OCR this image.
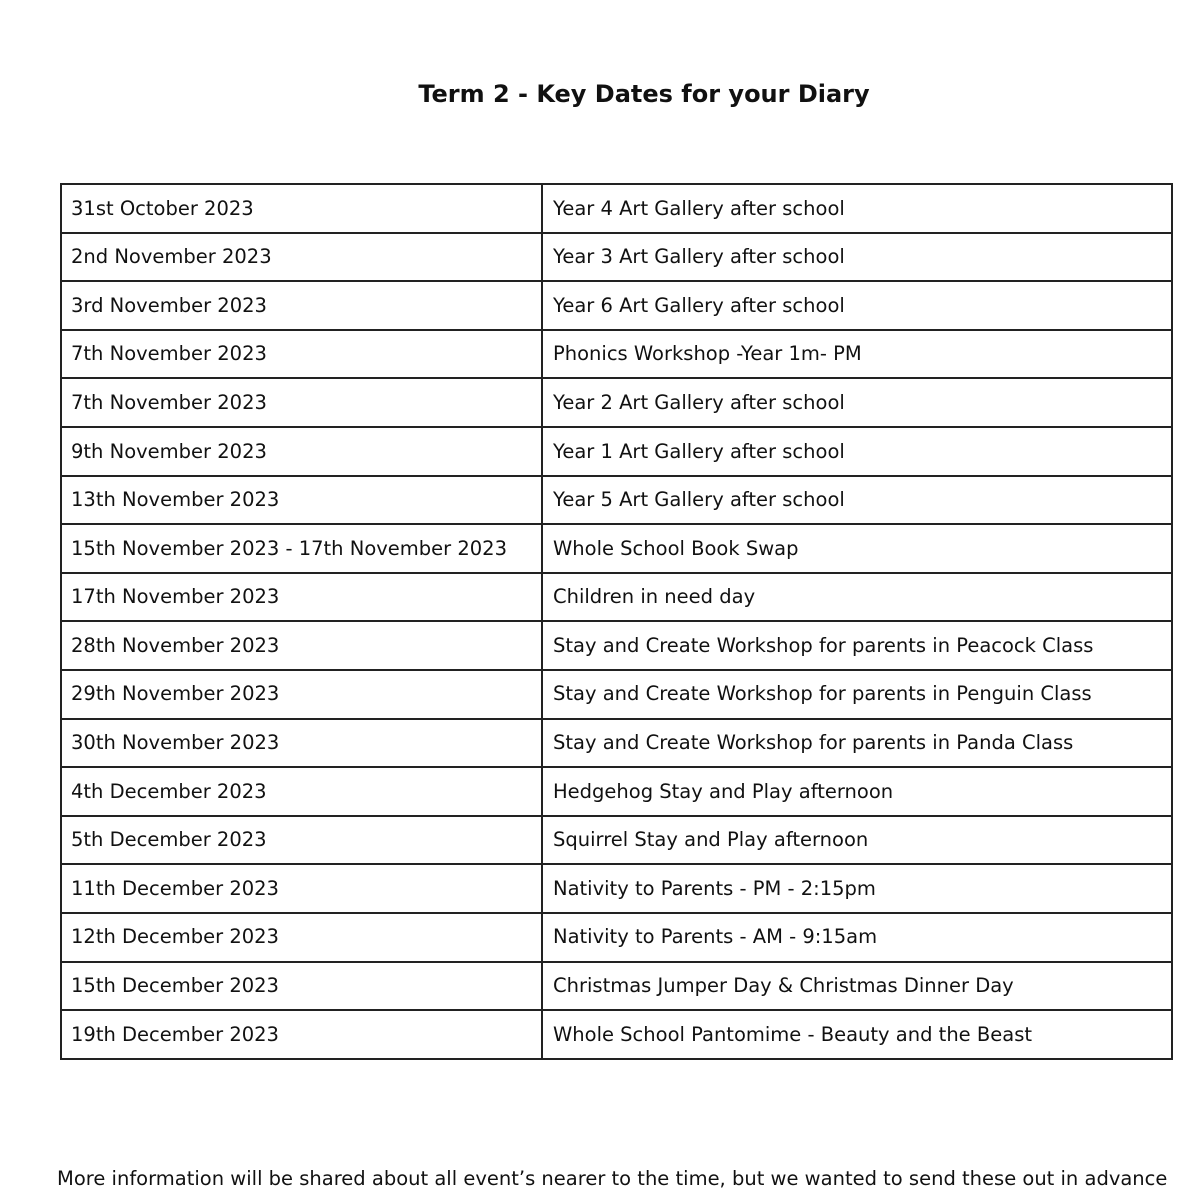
Term 2 - Key Dates for your Diary
31st October 2023	Year 4 Art Gallery after school
2nd November 2023	Year 3 Art Gallery after school
3rd November 2023	Year 6 Art Gallery after school
7th November 2023	Phonics Workshop -Year 1m- PM
7th November 2023	Year 2 Art Gallery after school
9th November 2023	Year 1 Art Gallery after school
13th November 2023	Year 5 Art Gallery after school
15th November 2023 - 17th November 2023	Whole School Book Swap
17th November 2023	Children in need day
28th November 2023	Stay and Create Workshop for parents in Peacock Class
29th November 2023	Stay and Create Workshop for parents in Penguin Class
30th November 2023	Stay and Create Workshop for parents in Panda Class
4th December 2023	Hedgehog Stay and Play afternoon
5th December 2023	Squirrel Stay and Play afternoon
11th December 2023	Nativity to Parents - PM - 2:15pm
12th December 2023	Nativity to Parents - AM - 9:15am
15th December 2023	Christmas Jumper Day & Christmas Dinner Day
19th December 2023	Whole School Pantomime - Beauty and the Beast
More information will be shared about all event’s nearer to the time, but we wanted to send these out in advance
